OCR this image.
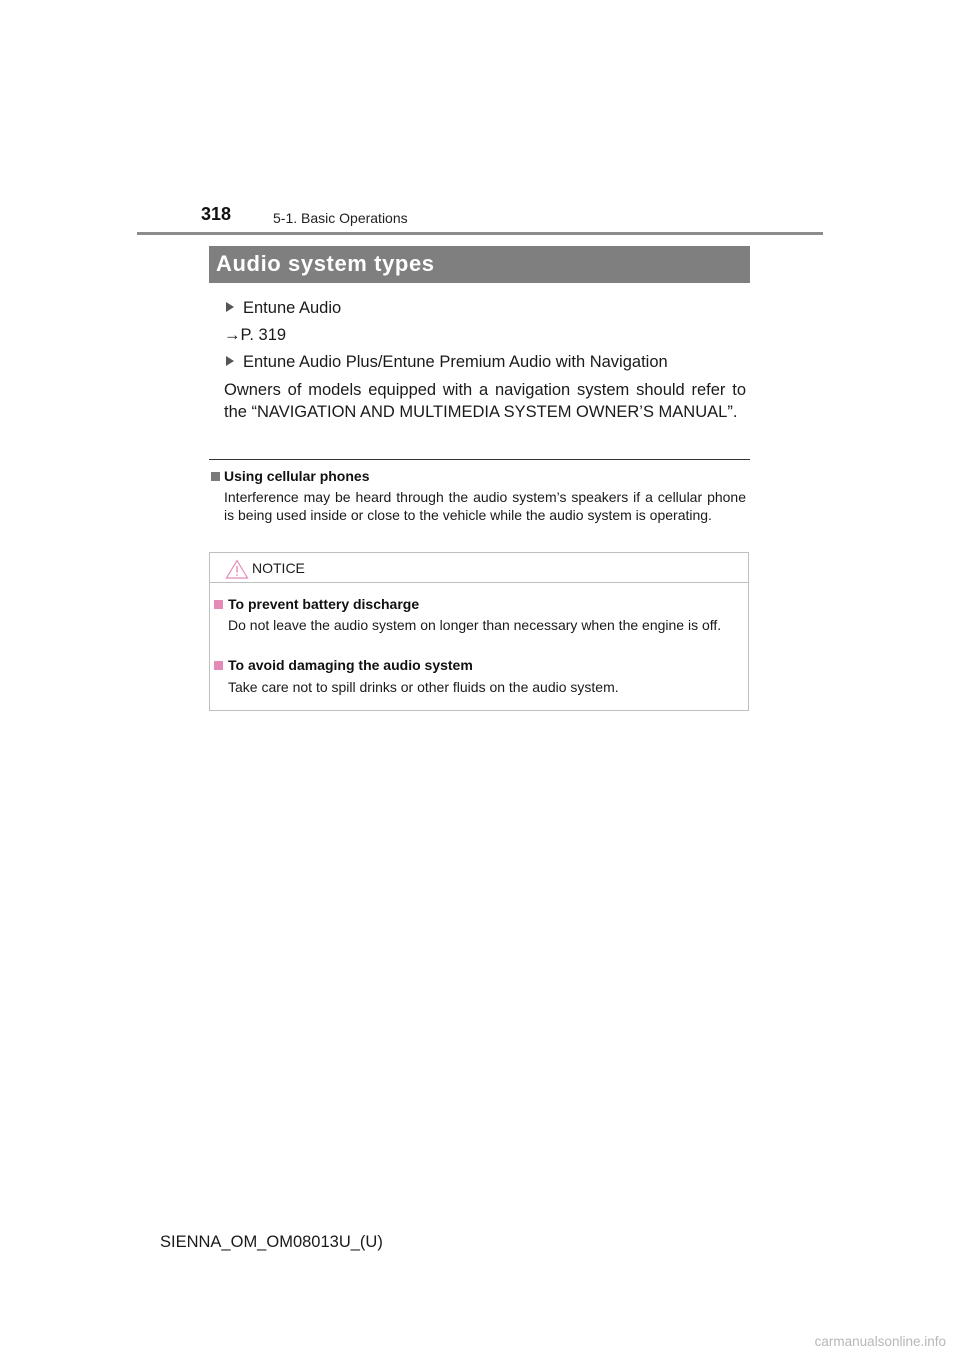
318	5-1. Basic Operations
Audio system types
Entune Audio
→P. 319
Entune Audio Plus/Entune Premium Audio with Navigation
Owners of models equipped with a navigation system should refer to the “NAVIGATION AND MULTIMEDIA SYSTEM OWNER’S MANUAL”.
Using cellular phones
Interference may be heard through the audio system’s speakers if a cellular phone is being used inside or close to the vehicle while the audio system is operating.
NOTICE
To prevent battery discharge
Do not leave the audio system on longer than necessary when the engine is off.
To avoid damaging the audio system
Take care not to spill drinks or other fluids on the audio system.
SIENNA_OM_OM08013U_(U)
carmanualsonline.info
